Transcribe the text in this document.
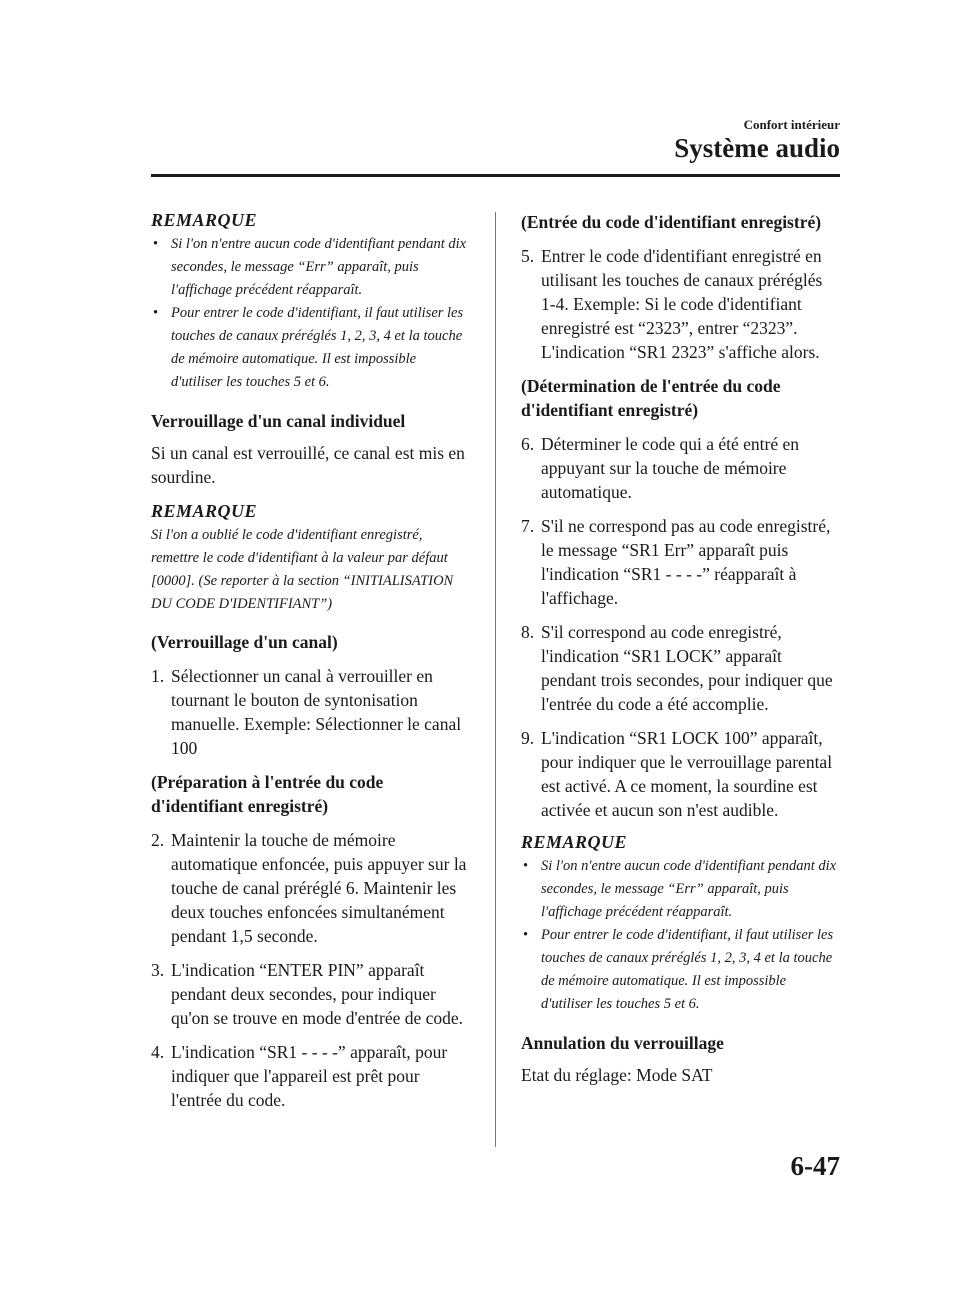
Confort intérieur
Système audio
REMARQUE
• Si l'on n'entre aucun code d'identifiant pendant dix secondes, le message “Err” apparaît, puis l'affichage précédent réapparaît.
• Pour entrer le code d'identifiant, il faut utiliser les touches de canaux préréglés 1, 2, 3, 4 et la touche de mémoire automatique. Il est impossible d'utiliser les touches 5 et 6.
Verrouillage d'un canal individuel
Si un canal est verrouillé, ce canal est mis en sourdine.
REMARQUE
Si l'on a oublié le code d'identifiant enregistré, remettre le code d'identifiant à la valeur par défaut [0000]. (Se reporter à la section “INITIALISATION DU CODE D'IDENTIFIANT”)
(Verrouillage d'un canal)
1. Sélectionner un canal à verrouiller en tournant le bouton de syntonisation manuelle. Exemple: Sélectionner le canal 100
(Préparation à l'entrée du code d'identifiant enregistré)
2. Maintenir la touche de mémoire automatique enfoncée, puis appuyer sur la touche de canal préréglé 6. Maintenir les deux touches enfoncées simultanément pendant 1,5 seconde.
3. L'indication “ENTER PIN” apparaît pendant deux secondes, pour indiquer qu'on se trouve en mode d'entrée de code.
4. L'indication “SR1 - - - -” apparaît, pour indiquer que l'appareil est prêt pour l'entrée du code.
(Entrée du code d'identifiant enregistré)
5. Entrer le code d'identifiant enregistré en utilisant les touches de canaux préréglés 1-4. Exemple: Si le code d'identifiant enregistré est “2323”, entrer “2323”. L'indication “SR1 2323” s'affiche alors.
(Détermination de l'entrée du code d'identifiant enregistré)
6. Déterminer le code qui a été entré en appuyant sur la touche de mémoire automatique.
7. S'il ne correspond pas au code enregistré, le message “SR1 Err” apparaît puis l'indication “SR1 - - - -” réapparaît à l'affichage.
8. S'il correspond au code enregistré, l'indication “SR1 LOCK” apparaît pendant trois secondes, pour indiquer que l'entrée du code a été accomplie.
9. L'indication “SR1 LOCK 100” apparaît, pour indiquer que le verrouillage parental est activé. A ce moment, la sourdine est activée et aucun son n'est audible.
REMARQUE
• Si l'on n'entre aucun code d'identifiant pendant dix secondes, le message “Err” apparaît, puis l'affichage précédent réapparaît.
• Pour entrer le code d'identifiant, il faut utiliser les touches de canaux préréglés 1, 2, 3, 4 et la touche de mémoire automatique. Il est impossible d'utiliser les touches 5 et 6.
Annulation du verrouillage
Etat du réglage: Mode SAT
6-47
